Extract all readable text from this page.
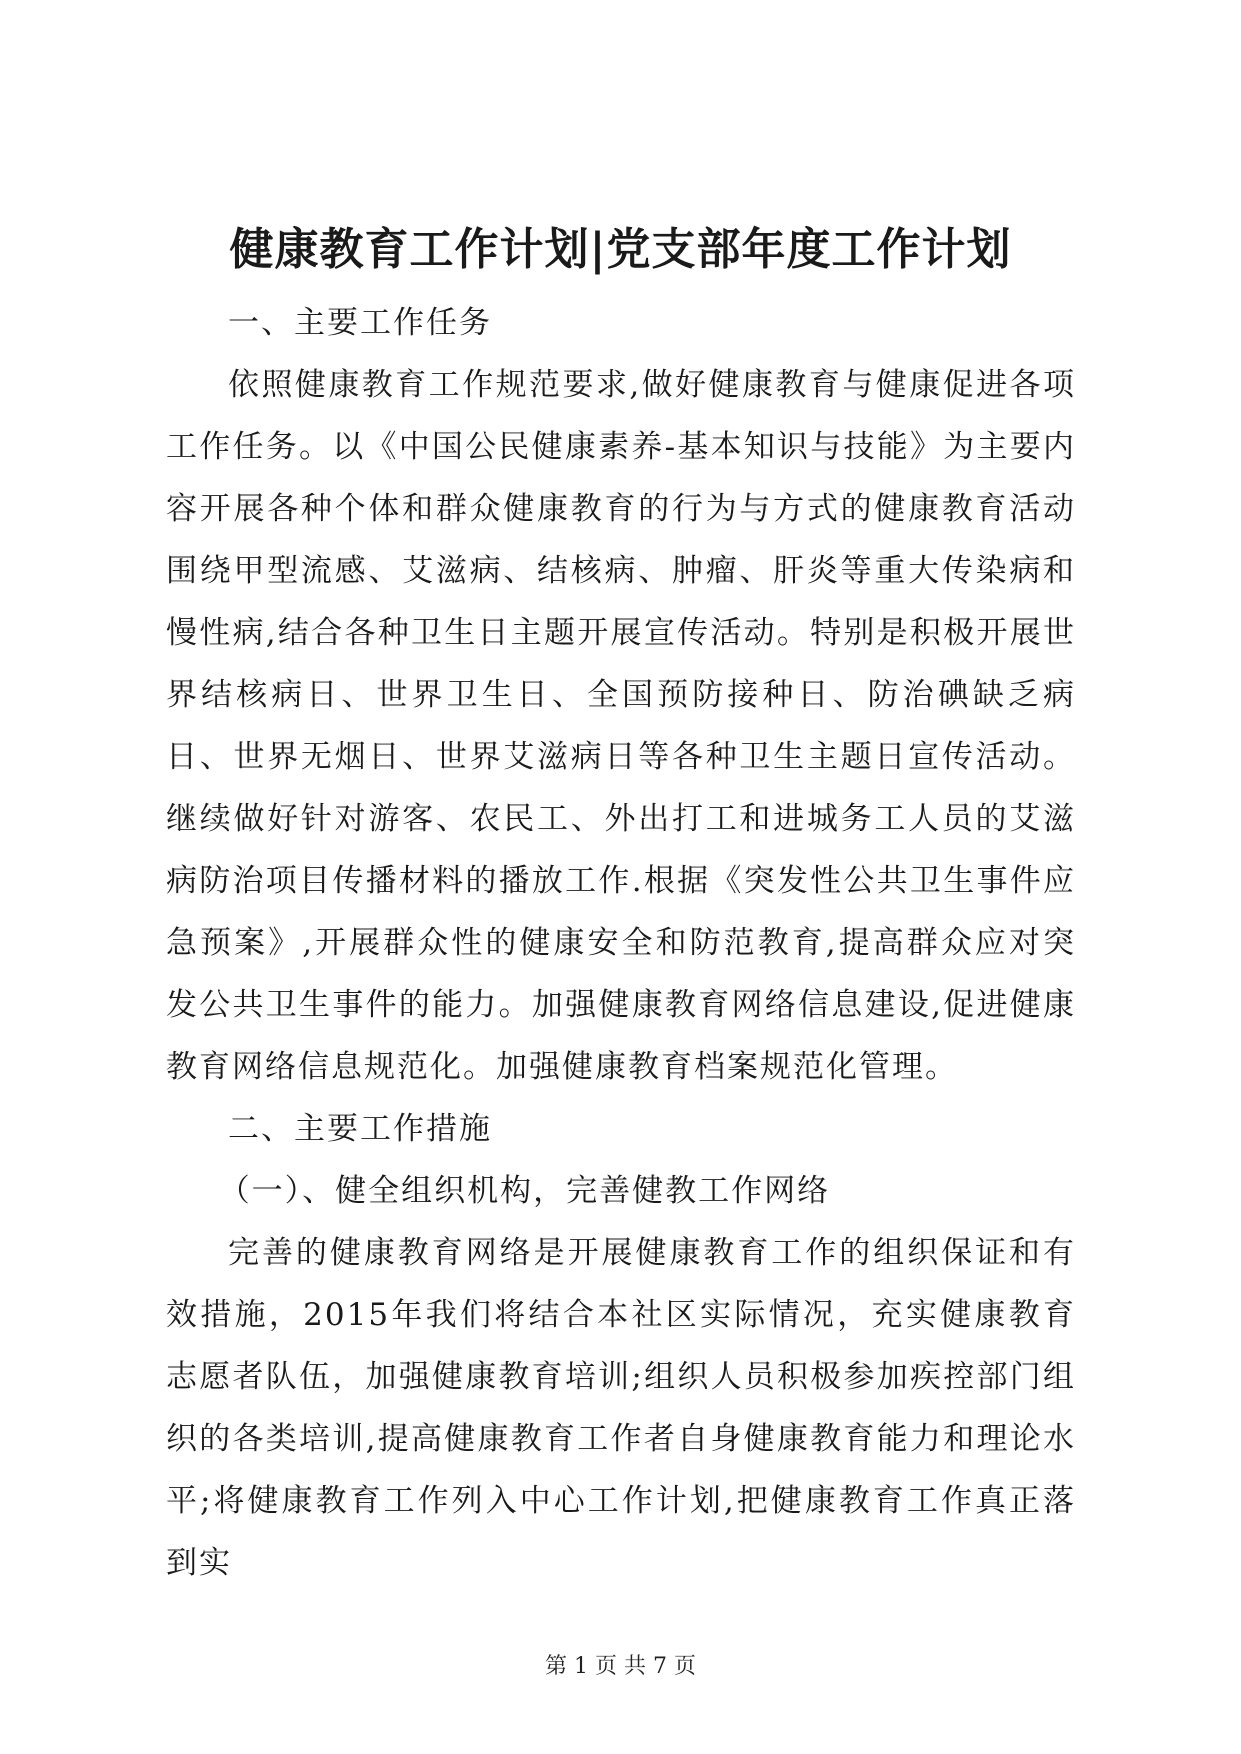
健康教育工作计划|党支部年度工作计划

一、主要工作任务

依照健康教育工作规范要求,做好健康教育与健康促进各项工作任务。以《中国公民健康素养-基本知识与技能》为主要内容开展各种个体和群众健康教育的行为与方式的健康教育活动围绕甲型流感、艾滋病、结核病、肿瘤、肝炎等重大传染病和慢性病,结合各种卫生日主题开展宣传活动。特别是积极开展世界结核病日、世界卫生日、全国预防接种日、防治碘缺乏病日、世界无烟日、世界艾滋病日等各种卫生主题日宣传活动。继续做好针对游客、农民工、外出打工和进城务工人员的艾滋病防治项目传播材料的播放工作.根据《突发性公共卫生事件应急预案》,开展群众性的健康安全和防范教育,提高群众应对突发公共卫生事件的能力。加强健康教育网络信息建设,促进健康教育网络信息规范化。加强健康教育档案规范化管理。

二、主要工作措施

（一）、健全组织机构，完善健教工作网络

完善的健康教育网络是开展健康教育工作的组织保证和有效措施，2015年我们将结合本社区实际情况，充实健康教育志愿者队伍，加强健康教育培训;组织人员积极参加疾控部门组织的各类培训,提高健康教育工作者自身健康教育能力和理论水平;将健康教育工作列入中心工作计划,把健康教育工作真正落到实

第 1 页 共 7 页
